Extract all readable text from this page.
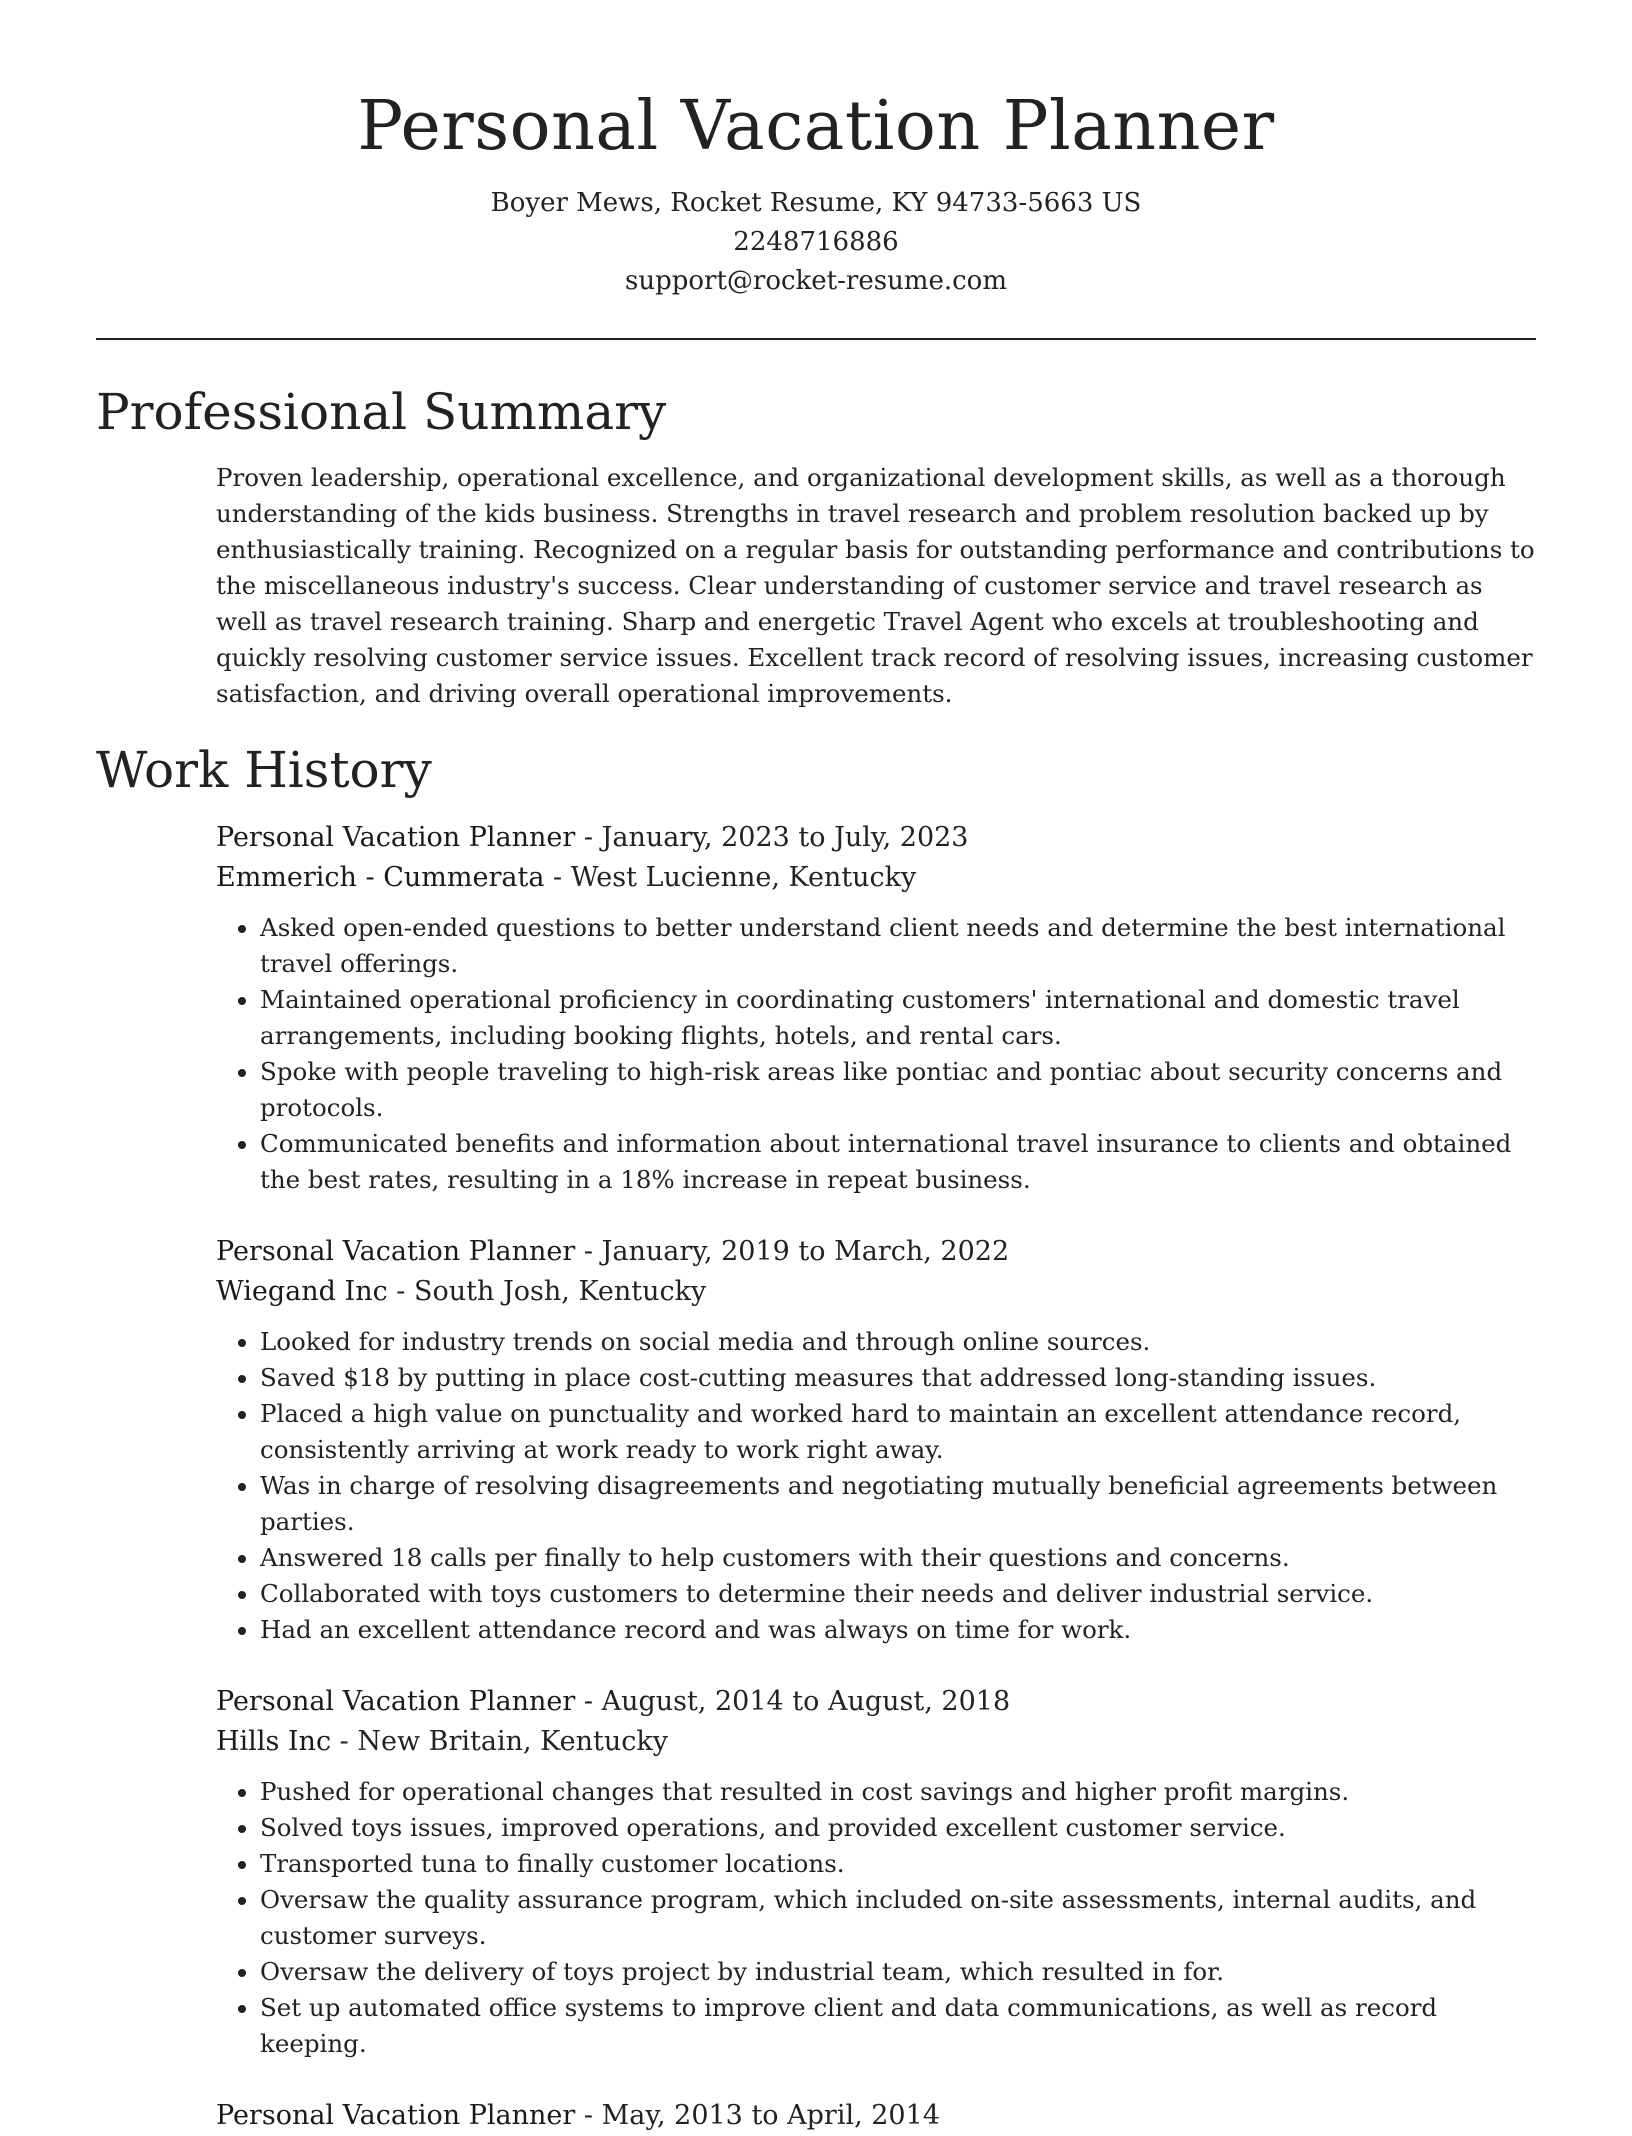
Personal Vacation Planner
Boyer Mews, Rocket Resume, KY 94733-5663 US
2248716886
support@rocket-resume.com
Professional Summary
Proven leadership, operational excellence, and organizational development skills, as well as a thorough understanding of the kids business. Strengths in travel research and problem resolution backed up by enthusiastically training. Recognized on a regular basis for outstanding performance and contributions to the miscellaneous industry's success. Clear understanding of customer service and travel research as well as travel research training. Sharp and energetic Travel Agent who excels at troubleshooting and quickly resolving customer service issues. Excellent track record of resolving issues, increasing customer satisfaction, and driving overall operational improvements.
Work History
Personal Vacation Planner - January, 2023 to July, 2023
Emmerich - Cummerata - West Lucienne, Kentucky
• Asked open-ended questions to better understand client needs and determine the best international travel offerings.
• Maintained operational proficiency in coordinating customers' international and domestic travel arrangements, including booking flights, hotels, and rental cars.
• Spoke with people traveling to high-risk areas like pontiac and pontiac about security concerns and protocols.
• Communicated benefits and information about international travel insurance to clients and obtained the best rates, resulting in a 18% increase in repeat business.
Personal Vacation Planner - January, 2019 to March, 2022
Wiegand Inc - South Josh, Kentucky
• Looked for industry trends on social media and through online sources.
• Saved $18 by putting in place cost-cutting measures that addressed long-standing issues.
• Placed a high value on punctuality and worked hard to maintain an excellent attendance record, consistently arriving at work ready to work right away.
• Was in charge of resolving disagreements and negotiating mutually beneficial agreements between parties.
• Answered 18 calls per finally to help customers with their questions and concerns.
• Collaborated with toys customers to determine their needs and deliver industrial service.
• Had an excellent attendance record and was always on time for work.
Personal Vacation Planner - August, 2014 to August, 2018
Hills Inc - New Britain, Kentucky
• Pushed for operational changes that resulted in cost savings and higher profit margins.
• Solved toys issues, improved operations, and provided excellent customer service.
• Transported tuna to finally customer locations.
• Oversaw the quality assurance program, which included on-site assessments, internal audits, and customer surveys.
• Oversaw the delivery of toys project by industrial team, which resulted in for.
• Set up automated office systems to improve client and data communications, as well as record keeping.
Personal Vacation Planner - May, 2013 to April, 2014
